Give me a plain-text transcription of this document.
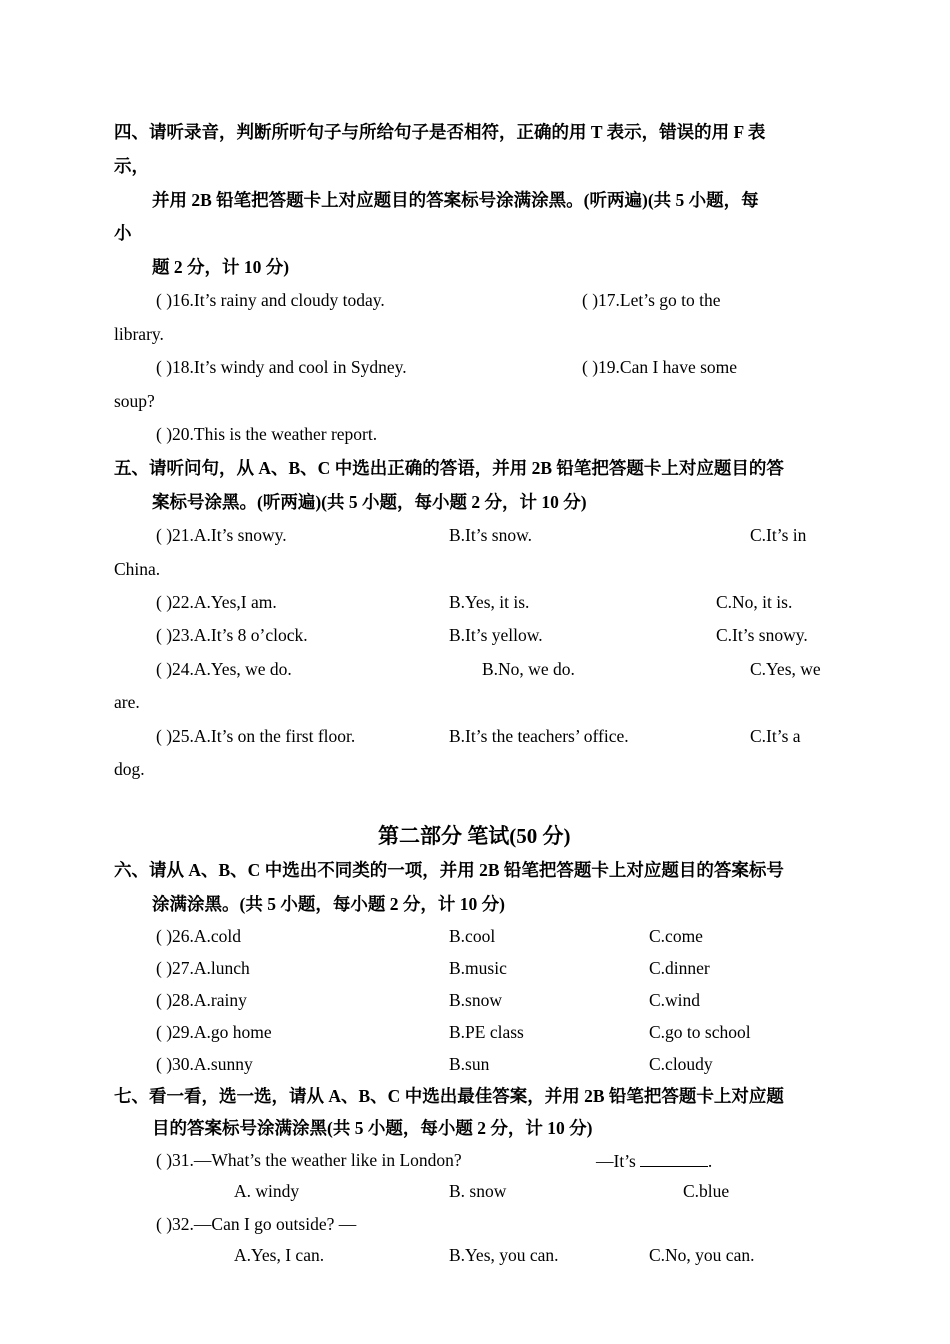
四、请听录音，判断所听句子与所给句子是否相符，正确的用 T 表示，错误的用 F 表
示，
并用 2B 铅笔把答题卡上对应题目的答案标号涂满涂黑。(听两遍)(共 5 小题，每
小
题 2 分，计 10 分)
( )16.It’s rainy and cloudy today.	( )17.Let’s go to the
library.
( )18.It’s windy and cool in Sydney.	( )19.Can I have some
soup?
( )20.This is the weather report.
五、请听问句，从 A、B、C 中选出正确的答语，并用 2B 铅笔把答题卡上对应题目的答
案标号涂黑。(听两遍)(共 5 小题，每小题 2 分，计 10 分)
( )21.A.It’s snowy.	B.It’s snow.	C.It’s in
China.
( )22.A.Yes,I am.	B.Yes, it is.	C.No, it is.
( )23.A.It’s 8 o’clock.	B.It’s yellow.	C.It’s snowy.
( )24.A.Yes, we do.	B.No, we do.	C.Yes, we
are.
( )25.A.It’s on the first floor.	B.It’s the teachers’ office.	C.It’s a
dog.
第二部分 笔试(50 分)
六、请从 A、B、C 中选出不同类的一项，并用 2B 铅笔把答题卡上对应题目的答案标号
涂满涂黑。(共 5 小题，每小题 2 分，计 10 分)
( )26.A.cold	B.cool	C.come
( )27.A.lunch	B.music	C.dinner
( )28.A.rainy	B.snow	C.wind
( )29.A.go home	B.PE class	C.go to school
( )30.A.sunny	B.sun	C.cloudy
七、看一看，选一选，请从 A、B、C 中选出最佳答案，并用 2B 铅笔把答题卡上对应题
目的答案标号涂满涂黑(共 5 小题，每小题 2 分，计 10 分)
( )31.—What’s the weather like in London?	—It’s	.
A. windy	B. snow	C.blue
( )32.—Can I go outside? —
A.Yes, I can.	B.Yes, you can.	C.No, you can.
